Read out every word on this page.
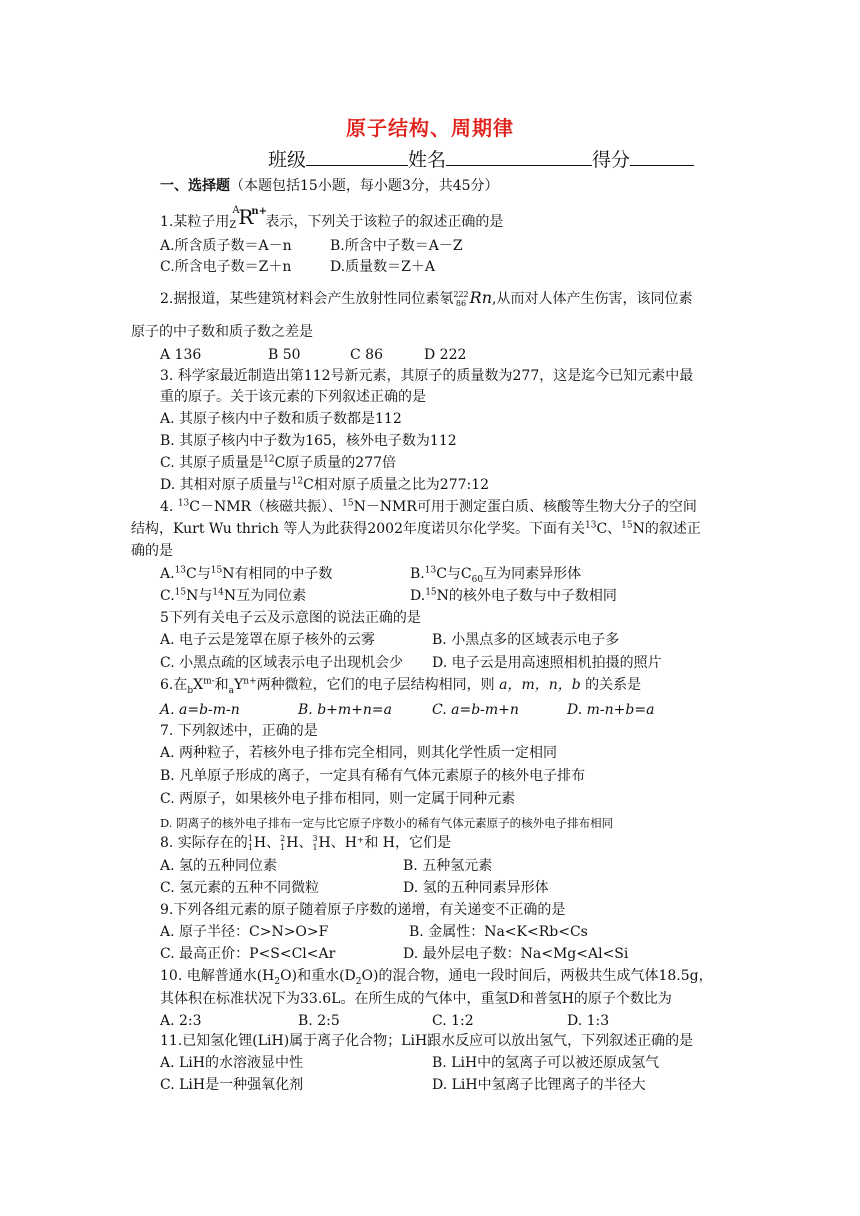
原子结构、周期律
班级	姓名	得分
一、选择题（本题包括15小题，每小题3分，共45分）
1.某粒子用
A
Z R
n+
表示，下列关于该粒子的叙述正确的是
A.所含质子数＝A－n	B.所含中子数＝A－Z
C.所含电子数＝Z＋n	D.质量数＝Z＋A
2.据报道，某些建筑材料会产生放射性同位素氡 222
86 Rn,从而对人体产生伤害，该同位素
原子的中子数和质子数之差是
A 136	B 50	C 86	D 222
3. 科学家最近制造出第112号新元素，其原子的质量数为277，这是迄今已知元素中最
重的原子。关于该元素的下列叙述正确的是
A. 其原子核内中子数和质子数都是112
B. 其原子核内中子数为165，核外电子数为112
C. 其原子质量是$^{12}$C原子质量的277倍
D. 其相对原子质量与$^{12}$C相对原子质量之比为277:12
4. $^{13}$C－NMR（核磁共振）、$^{15}$N－NMR可用于测定蛋白质、核酸等生物大分子的空间
结构，Kurt Wu thrich 等人为此获得2002年度诺贝尔化学奖。下面有关$^{13}$C、$^{15}$N的叙述正
确的是
A.$^{13}$C与$^{15}$N有相同的中子数	B.$^{13}$C与$C_{60}$互为同素异形体
C.$^{15}$N与$^{14}$N互为同位素	D.$^{15}$N的核外电子数与中子数相同
5下列有关电子云及示意图的说法正确的是
A. 电子云是笼罩在原子核外的云雾	B. 小黑点多的区域表示电子多
C. 小黑点疏的区域表示电子出现机会少 D. 电子云是用高速照相机拍摄的照片
6.在$_bX^{m-}$和$_aY^{n+}$两种微粒，它们的电子层结构相同，则 a，m，n，b 的关系是
A. a=b-m-n	B. b+m+n=a	C. a=b-m+n	D. m-n+b=a
7. 下列叙述中，正确的是
A. 两种粒子，若核外电子排布完全相同，则其化学性质一定相同
B. 凡单原子形成的离子，一定具有稀有气体元素原子的核外电子排布
C. 两原子，如果核外电子排布相同，则一定属于同种元素
D. 阴离子的核外电子排布一定与比它原子序数小的稀有气体元素原子的核外电子排布相同
8. 实际存在的 1
1 H、 2
1 H、 3
1 H、H⁺和 H，它们是
A. 氢的五种同位素	B. 五种氢元素
C. 氢元素的五种不同微粒	D. 氢的五种同素异形体
9.下列各组元素的原子随着原子序数的递增，有关递变不正确的是
A. 原子半径：C>N>O>F	B. 金属性：Na<K<Rb<Cs
C. 最高正价：P<S<Cl<Ar	D. 最外层电子数：Na<Mg<Al<Si
10. 电解普通水$(H_2O)$和重水$(D_2O)$的混合物，通电一段时间后，两极共生成气体18.5g，
其体积在标准状况下为33.6L。在所生成的气体中，重氢D和普氢H的原子个数比为
A. 2:3	B. 2:5	C. 1:2	D. 1:3
11.已知氢化锂(LiH)属于离子化合物；LiH跟水反应可以放出氢气，下列叙述正确的是
A. LiH的水溶液显中性	B. LiH中的氢离子可以被还原成氢气
C. LiH是一种强氧化剂	D. LiH中氢离子比锂离子的半径大
